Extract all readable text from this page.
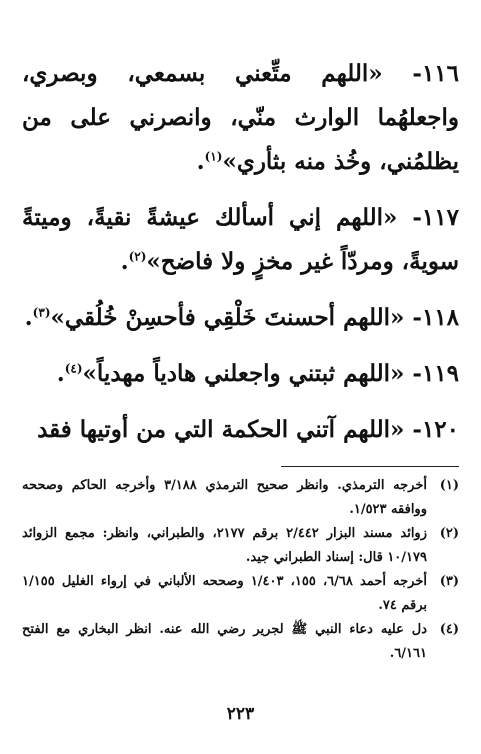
١١٦- «اللهم متِّعني بسمعي، وبصري، واجعلهُما الوارث منّي، وانصرني على من يظلمُني، وخُذ منه بثأري»$^{(١)}$.

١١٧- «اللهم إني أسألك عيشةً نقيةً، وميتةً سويةً، ومردّاً غير مخزٍ ولا فاضح»$^{(٢)}$.

١١٨- «اللهم أحسنتَ خَلْقِي فأحسِنْ خُلُقي»$^{(٣)}$.

١١٩- «اللهم ثبتني واجعلني هادياً مهدياً»$^{(٤)}$.

١٢٠- «اللهم آتني الحكمة التي من أوتيها فقد

(١)
أخرجه الترمذي. وانظر صحيح الترمذي ٣/١٨٨ وأخرجه الحاكم وصححه ووافقه ١/٥٢٣.
(٢)
زوائد مسند البزار ٢/٤٤٢ برقم ٢١٧٧، والطبراني، وانظر: مجمع الزوائد ١٠/١٧٩ قال: إسناد الطبراني جيد.
(٣)
أخرجه أحمد ٦/٦٨، ١٥٥، ١/٤٠٣ وصححه الألباني في إرواء الغليل ١/١٥٥ برقم ٧٤.
(٤)
دل عليه دعاء النبي ﷺ لجرير رضي الله عنه. انظر البخاري مع الفتح ٦/١٦١.
٢٢٣
